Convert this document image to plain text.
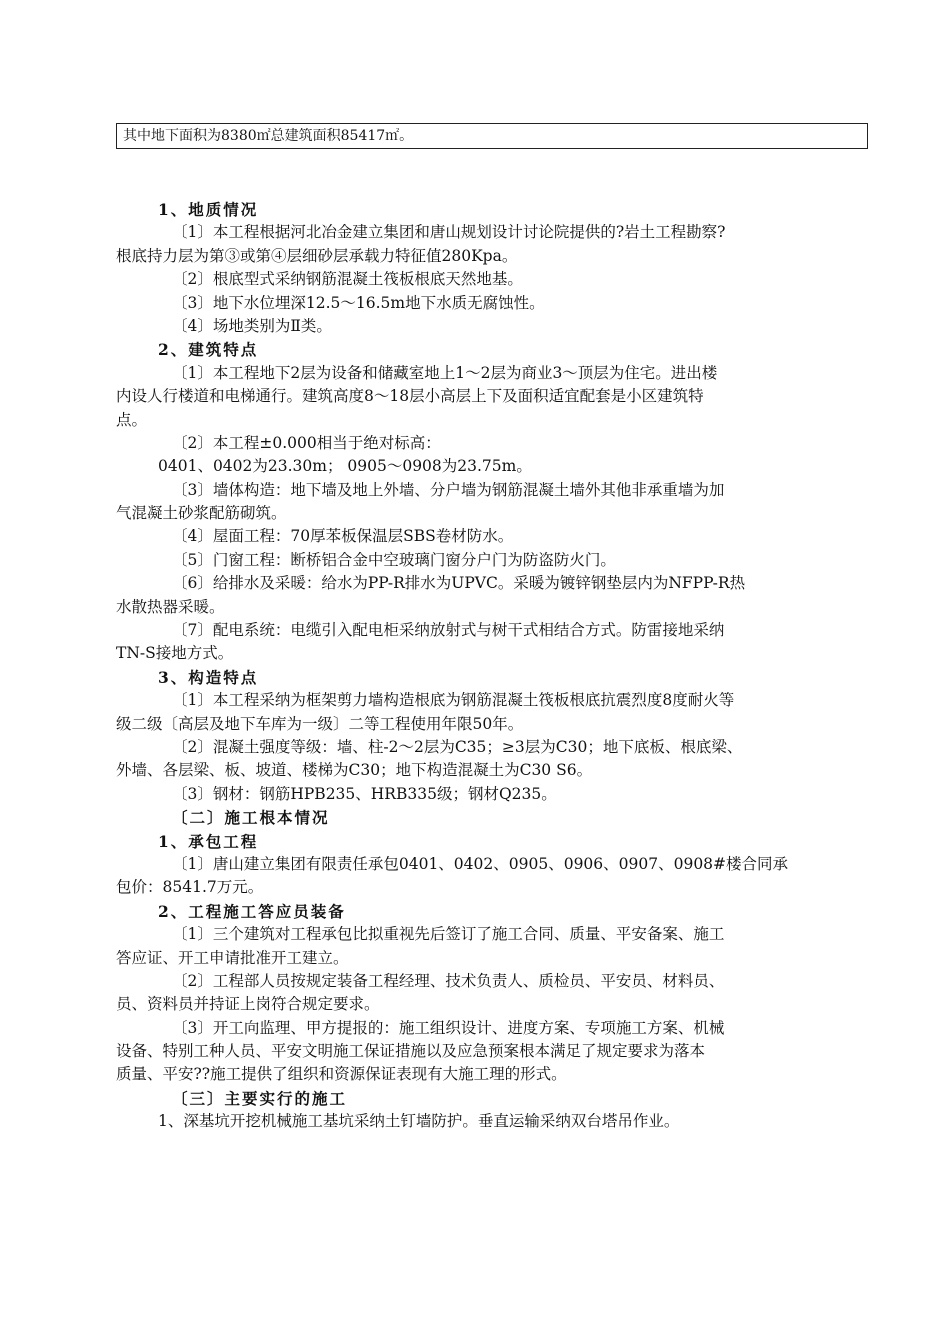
其中地下面积为8380㎡总建筑面积85417㎡。
1、地质情况
〔1〕本工程根据河北冶金建立集团和唐山规划设计讨论院提供的?岩土工程勘察?
根底持力层为第③或第④层细砂层承载力特征值280Kpa。
〔2〕根底型式采纳钢筋混凝土筏板根底天然地基。
〔3〕地下水位埋深12.5～16.5m地下水质无腐蚀性。
〔4〕场地类别为Ⅱ类。
2、建筑特点
〔1〕本工程地下2层为设备和储藏室地上1～2层为商业3～顶层为住宅。进出楼
内设人行楼道和电梯通行。建筑高度8～18层小高层上下及面积适宜配套是小区建筑特
点。
〔2〕本工程±0.000相当于绝对标高：
0401、0402为23.30m； 0905～0908为23.75m。
〔3〕墙体构造：地下墙及地上外墙、分户墙为钢筋混凝土墙外其他非承重墙为加
气混凝土砂浆配筋砌筑。
〔4〕屋面工程：70厚苯板保温层SBS卷材防水。
〔5〕门窗工程：断桥铝合金中空玻璃门窗分户门为防盗防火门。
〔6〕给排水及采暖：给水为PP-R排水为UPVC。采暖为镀锌钢垫层内为NFPP-R热
水散热器采暖。
〔7〕配电系统：电缆引入配电柜采纳放射式与树干式相结合方式。防雷接地采纳
TN-S接地方式。
3、构造特点
〔1〕本工程采纳为框架剪力墙构造根底为钢筋混凝土筏板根底抗震烈度8度耐火等
级二级〔高层及地下车库为一级〕二等工程使用年限50年。
〔2〕混凝土强度等级：墙、柱-2～2层为C35；≥3层为C30；地下底板、根底梁、
外墙、各层梁、板、坡道、楼梯为C30；地下构造混凝土为C30 S6。
〔3〕钢材：钢筋HPB235、HRB335级；钢材Q235。
〔二〕施工根本情况
1、承包工程
〔1〕唐山建立集团有限责任承包0401、0402、0905、0906、0907、0908#楼合同承
包价：8541.7万元。
2、工程施工答应员装备
〔1〕三个建筑对工程承包比拟重视先后签订了施工合同、质量、平安备案、施工
答应证、开工申请批准开工建立。
〔2〕工程部人员按规定装备工程经理、技术负责人、质检员、平安员、材料员、
员、资料员并持证上岗符合规定要求。
〔3〕开工向监理、甲方提报的：施工组织设计、进度方案、专项施工方案、机械
设备、特别工种人员、平安文明施工保证措施以及应急预案根本满足了规定要求为落本
质量、平安??施工提供了组织和资源保证表现有大施工理的形式。
〔三〕主要实行的施工
1、深基坑开挖机械施工基坑采纳土钉墙防护。垂直运输采纳双台塔吊作业。
